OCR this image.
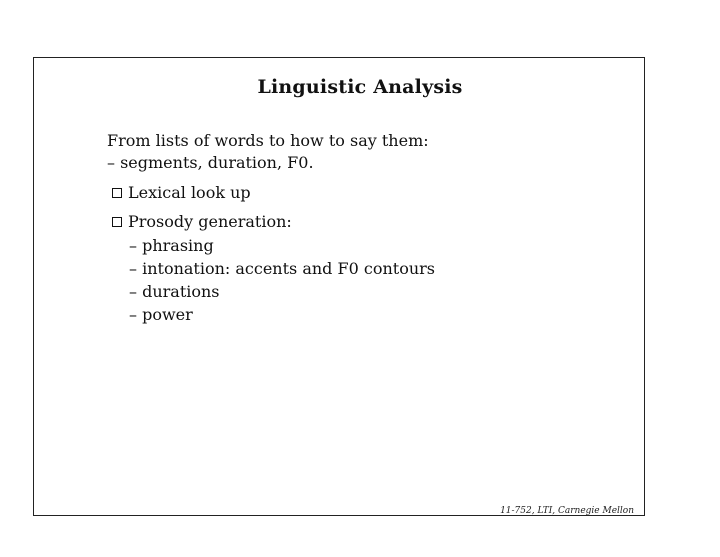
Linguistic Analysis
From lists of words to how to say them:
– segments, duration, F0.
Lexical look up
Prosody generation:
– phrasing
– intonation: accents and F0 contours
– durations
– power
11-752, LTI, Carnegie Mellon
